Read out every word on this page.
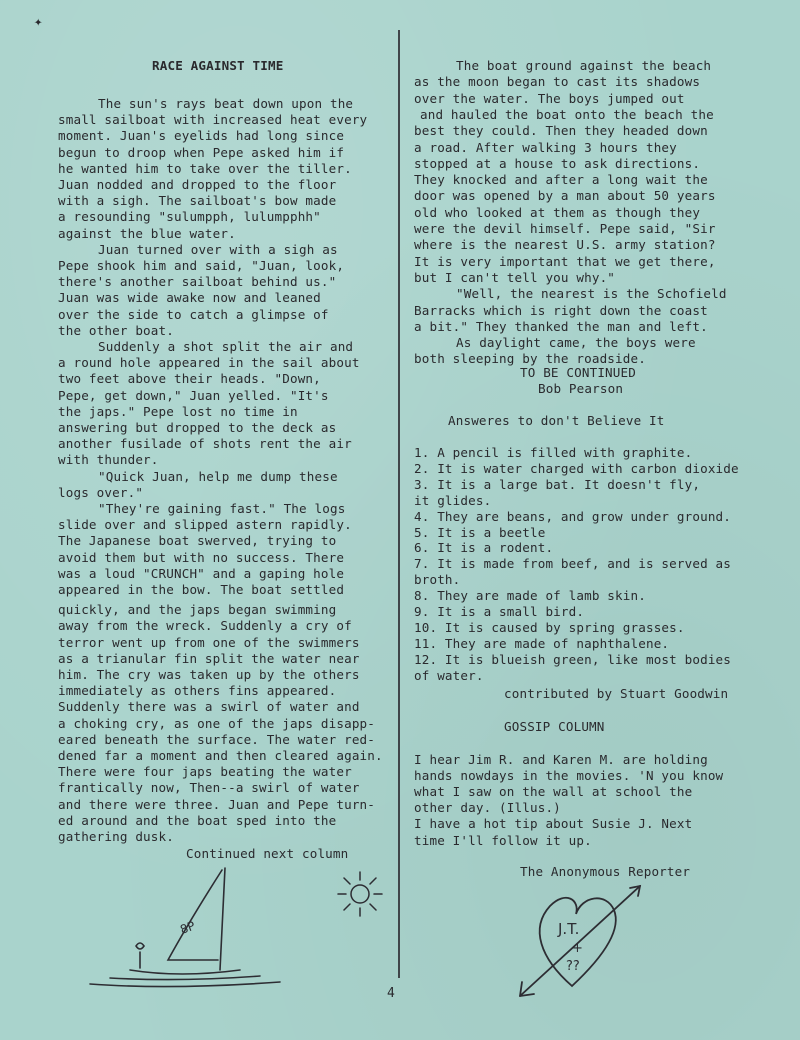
RACE AGAINST TIME
The sun's rays beat down upon the
small sailboat with increased heat every
moment. Juan's eyelids had long since
begun to droop when Pepe asked him if
he wanted him to take over the tiller.
Juan nodded and dropped to the floor
with a sigh. The sailboat's bow made
a resounding "sulumpph, lulumpphh"
against the blue water.
Juan turned over with a sigh as
Pepe shook him and said, "Juan, look,
there's another sailboat behind us."
Juan was wide awake now and leaned
over the side to catch a glimpse of
the other boat.
Suddenly a shot split the air and
a round hole appeared in the sail about
two feet above their heads. "Down,
Pepe, get down," Juan yelled. "It's
the japs." Pepe lost no time in
answering but dropped to the deck as
another fusilade of shots rent the air
with thunder.
"Quick Juan, help me dump these
logs over."
"They're gaining fast." The logs
slide over and slipped astern rapidly.
The Japanese boat swerved, trying to
avoid them but with no success. There
was a loud "CRUNCH" and a gaping hole
appeared in the bow. The boat settled
quickly, and the japs began swimming
away from the wreck. Suddenly a cry of
terror went up from one of the swimmers
as a trianular fin split the water near
him. The cry was taken up by the others
immediately as others fins appeared.
Suddenly there was a swirl of water and
a choking cry, as one of the japs disapp-
eared beneath the surface. The water red-
dened far a moment and then cleared again.
There were four japs beating the water
frantically now, Then--a swirl of water
and there were three. Juan and Pepe turn-
ed around and the boat sped into the
gathering dusk.
Continued next column
The boat ground against the beach
as the moon began to cast its shadows
over the water. The boys jumped out
and hauled the boat onto the beach the
best they could. Then they headed down
a road. After walking 3 hours they
stopped at a house to ask directions.
They knocked and after a long wait the
door was opened by a man about 50 years
old who looked at them as though they
were the devil himself. Pepe said, "Sir
where is the nearest U.S. army station?
It is very important that we get there,
but I can't tell you why."
"Well, the nearest is the Schofield
Barracks which is right down the coast
a bit." They thanked the man and left.
As daylight came, the boys were
both sleeping by the roadside.
TO BE CONTINUED
Bob Pearson
Answeres to don't Believe It
1. A pencil is filled with graphite.
2. It is water charged with carbon dioxide
3. It is a large bat. It doesn't fly,
it glides.
4. They are beans, and grow under ground.
5. It is a beetle
6. It is a rodent.
7. It is made from beef, and is served as
broth.
8. They are made of lamb skin.
9. It is a small bird.
10. It is caused by spring grasses.
11. They are made of naphthalene.
12. It is blueish green, like most bodies
of water.
contributed by Stuart Goodwin
GOSSIP COLUMN
I hear Jim R. and Karen M. are holding
hands nowdays in the movies. 'N you know
what I saw on the wall at school the
other day. (Illus.)
I have a hot tip about Susie J. Next
time I'll follow it up.
The Anonymous Reporter
8P	J.T.
+
??
4
✦
